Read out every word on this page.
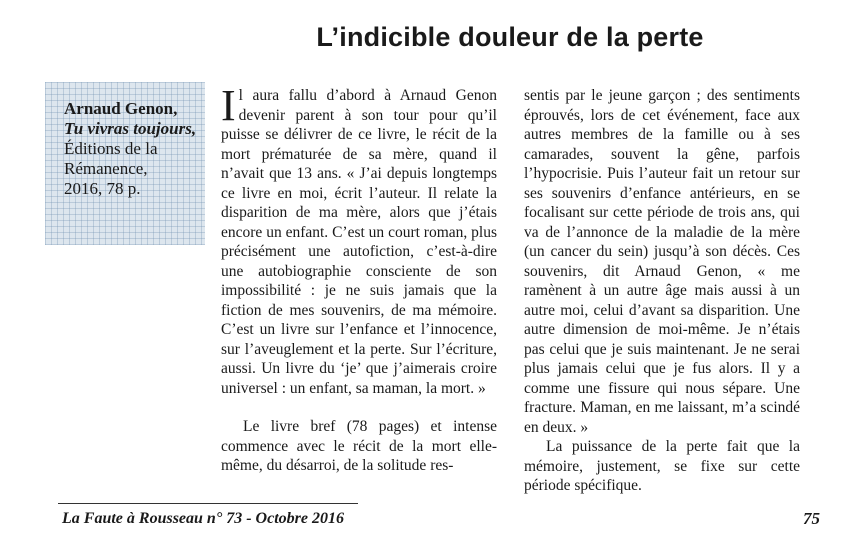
L’indicible douleur de la perte
Arnaud Genon,
Tu vivras toujours,
Éditions de la Rémanence,
2016, 78 p.

Il aura fallu d’abord à Arnaud Genon devenir parent à son tour pour qu’il puisse se délivrer de ce livre, le récit de la mort prématurée de sa mère, quand il n’avait que 13 ans. « J’ai depuis longtemps ce livre en moi, écrit l’auteur. Il relate la disparition de ma mère, alors que j’étais encore un enfant. C’est un court roman, plus précisément une autofiction, c’est-à-dire une autobiographie consciente de son impossibilité : je ne suis jamais que la fiction de mes souvenirs, de ma mémoire. C’est un livre sur l’enfance et l’innocence, sur l’aveuglement et la perte. Sur l’écriture, aussi. Un livre du ‘je’ que j’aimerais croire universel : un enfant, sa maman, la mort. »

Le livre bref (78 pages) et intense commence avec le récit de la mort elle-même, du désarroi, de la solitude res-

sentis par le jeune garçon ; des sentiments éprouvés, lors de cet événement, face aux autres membres de la famille ou à ses camarades, souvent la gêne, parfois l’hypocrisie. Puis l’auteur fait un retour sur ses souvenirs d’enfance antérieurs, en se focalisant sur cette période de trois ans, qui va de l’annonce de la maladie de la mère (un cancer du sein) jusqu’à son décès. Ces souvenirs, dit Arnaud Genon, « me ramènent à un autre âge mais aussi à un autre moi, celui d’avant sa disparition. Une autre dimension de moi-même. Je n’étais pas celui que je suis maintenant. Je ne serai plus jamais celui que je fus alors. Il y a comme une fissure qui nous sépare. Une fracture. Maman, en me laissant, m’a scindé en deux. »

La puissance de la perte fait que la mémoire, justement, se fixe sur cette période spécifique.

La Faute à Rousseau n° 73 - Octobre 2016	75
